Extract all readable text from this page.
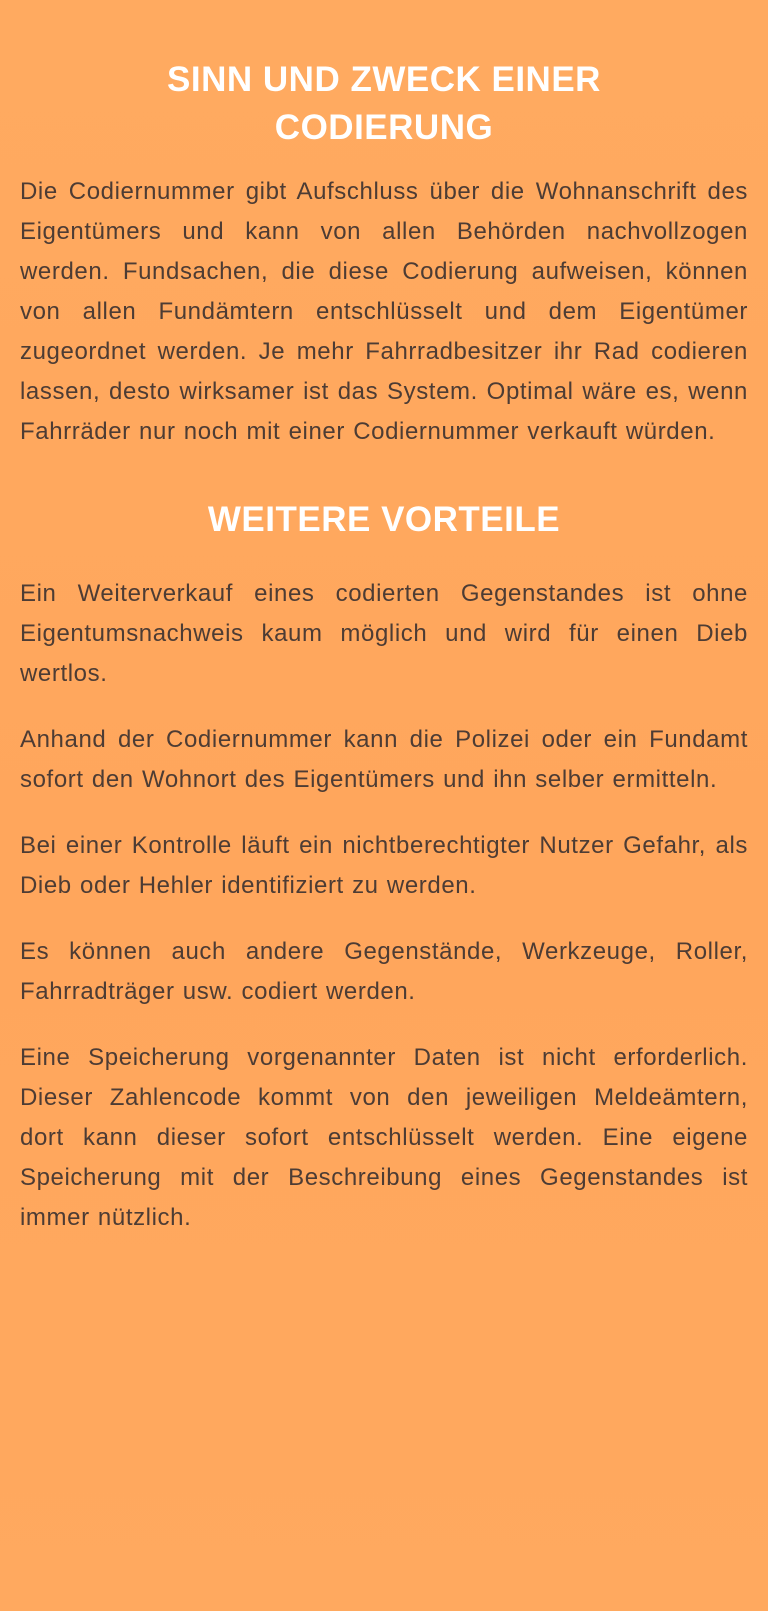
SINN UND ZWECK EINER CODIERUNG

Die Codiernummer gibt Aufschluss über die Wohnanschrift des Eigentümers und kann von allen Behörden nachvollzogen werden. Fundsachen, die diese Codierung aufweisen, können von allen Fundämtern entschlüsselt und dem Eigentümer zugeordnet werden. Je mehr Fahrradbesitzer ihr Rad codieren lassen, desto wirksamer ist das System. Optimal wäre es, wenn Fahrräder nur noch mit einer Codiernummer verkauft würden.

WEITERE VORTEILE

Ein Weiterverkauf eines codierten Gegenstandes ist ohne Eigentumsnachweis kaum möglich und wird für einen Dieb wertlos.

Anhand der Codiernummer kann die Polizei oder ein Fundamt sofort den Wohnort des Eigentümers und ihn selber ermitteln.

Bei einer Kontrolle läuft ein nichtberechtigter Nutzer Gefahr, als Dieb oder Hehler identifiziert zu werden.

Es können auch andere Gegenstände, Werkzeuge, Roller, Fahrradträger usw. codiert werden.

Eine Speicherung vorgenannter Daten ist nicht erforderlich. Dieser Zahlencode kommt von den jeweiligen Meldeämtern, dort kann dieser sofort entschlüsselt werden. Eine eigene Speicherung mit der Beschreibung eines Gegenstandes ist immer nützlich.
